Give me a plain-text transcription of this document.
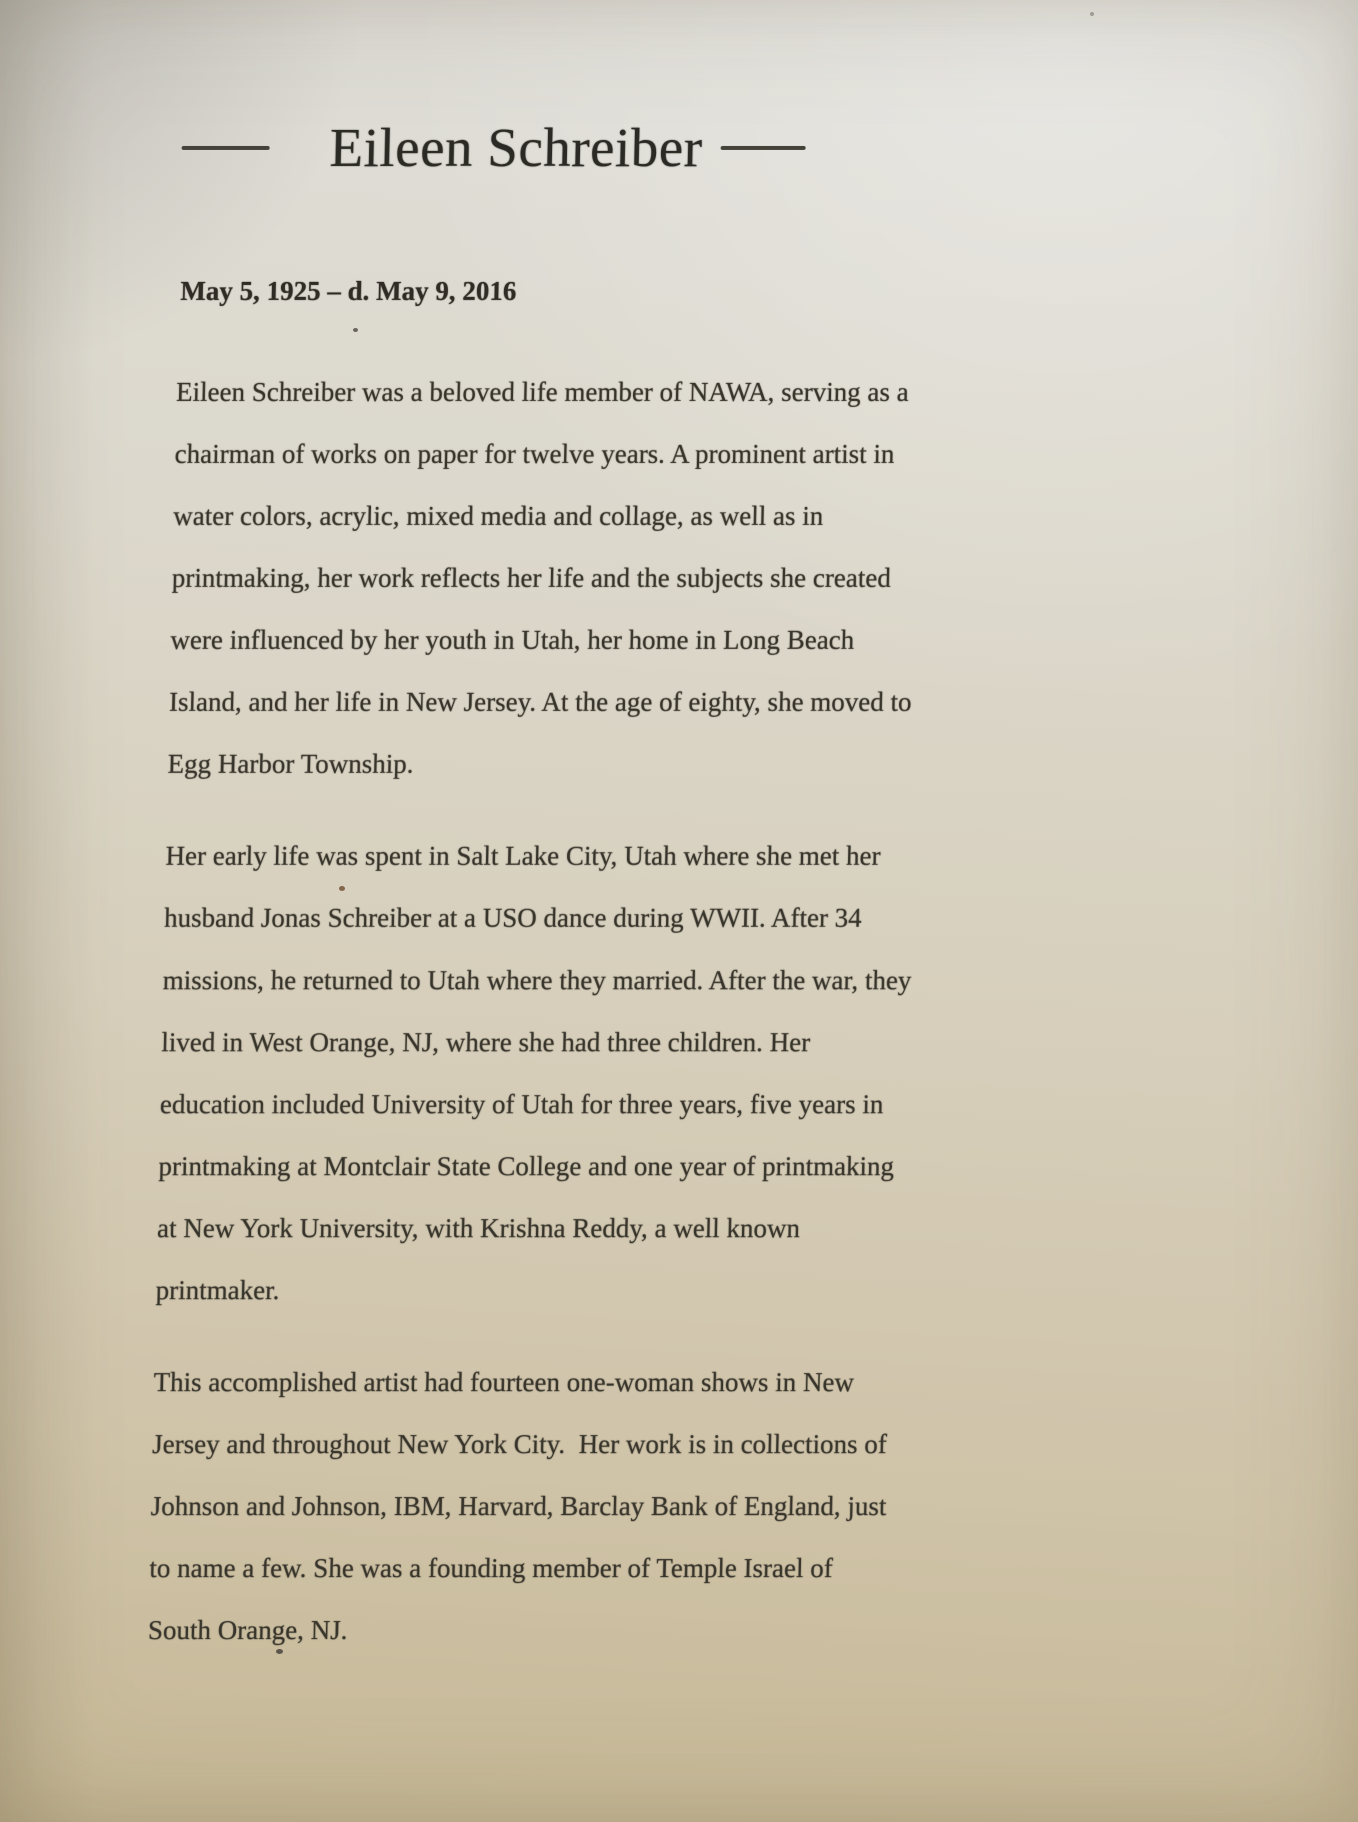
Eileen Schreiber

May 5, 1925 – d. May 9, 2016

Eileen Schreiber was a beloved life member of NAWA, serving as a
chairman of works on paper for twelve years. A prominent artist in
water colors, acrylic, mixed media and collage, as well as in
printmaking, her work reflects her life and the subjects she created
were influenced by her youth in Utah, her home in Long Beach
Island, and her life in New Jersey. At the age of eighty, she moved to
Egg Harbor Township.

Her early life was spent in Salt Lake City, Utah where she met her
husband Jonas Schreiber at a USO dance during WWII. After 34
missions, he returned to Utah where they married. After the war, they
lived in West Orange, NJ, where she had three children. Her
education included University of Utah for three years, five years in
printmaking at Montclair State College and one year of printmaking
at New York University, with Krishna Reddy, a well known
printmaker.

This accomplished artist had fourteen one-woman shows in New
Jersey and throughout New York City.  Her work is in collections of
Johnson and Johnson, IBM, Harvard, Barclay Bank of England, just
to name a few. She was a founding member of Temple Israel of
South Orange, NJ.
